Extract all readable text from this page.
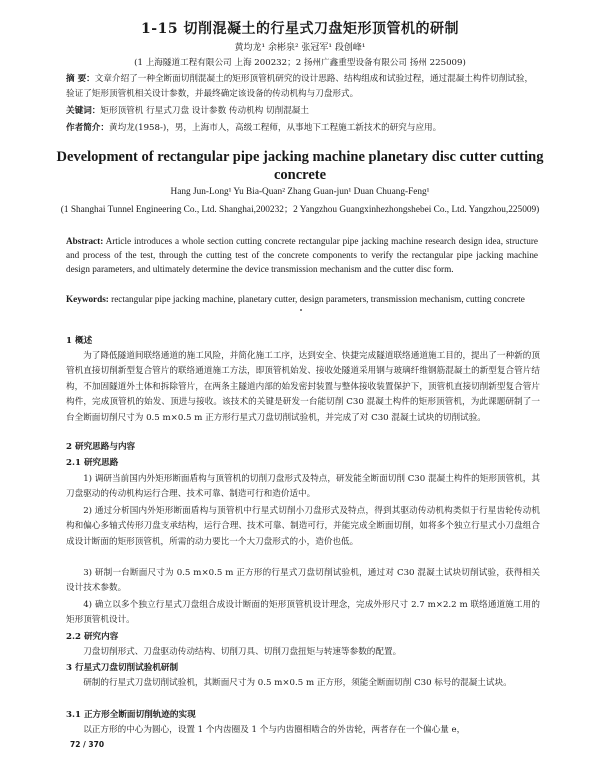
1-15 切削混凝土的行星式刀盘矩形顶管机的研制
黄均龙¹ 余彬泉² 张冠军¹ 段创峰¹
(1 上海隧道工程有限公司 上海 200232；2 扬州广鑫重型设备有限公司 扬州 225009)
摘 要：文章介绍了一种全断面切削混凝土的矩形顶管机研究的设计思路、结构组成和试验过程，通过混凝土构件切削试验，验证了矩形顶管机相关设计参数，并最终确定该设备的传动机构与刀盘形式。
关键词：矩形顶管机 行星式刀盘 设计参数 传动机构 切削混凝土
作者简介：黄均龙(1958-)，男，上海市人，高级工程师，从事地下工程施工新技术的研究与应用。
Development of rectangular pipe jacking machine planetary disc cutter cutting concrete
Hang Jun-Long¹ Yu Bia-Quan² Zhang Guan-jun¹ Duan Chuang-Feng¹
(1 Shanghai Tunnel Engineering Co., Ltd. Shanghai,200232；2 Yangzhou Guangxinhezhongshebei Co., Ltd. Yangzhou,225009)
Abstract: Article introduces a whole section cutting concrete rectangular pipe jacking machine research design idea, structure and process of the test, through the cutting test of the concrete components to verify the rectangular pipe jacking machine design parameters, and ultimately determine the device transmission mechanism and the cutter disc form.
Keywords: rectangular pipe jacking machine, planetary cutter, design parameters, transmission mechanism, cutting concrete
1 概述
为了降低隧道间联络通道的施工风险，并简化施工工序，达到安全、快捷完成隧道联络通道施工目的，提出了一种新的顶管机直接切削新型复合管片的联络通道施工方法，即顶管机始发、接收处隧道采用钢与玻璃纤维钢筋混凝土的新型复合管片结构，不加固隧道外土体和拆除管片，在两条主隧道内部的始发密封装置与整体接收装置保护下，顶管机直接切削新型复合管片构件，完成顶管机的始发、顶进与接收。该技术的关键是研发一台能切削 C30 混凝土构件的矩形顶管机，为此课题研制了一台全断面切削尺寸为 0.5 m×0.5 m 正方形行星式刀盘切削试验机，并完成了对 C30 混凝土试块的切削试验。
2 研究思路与内容
2.1 研究思路
1) 调研当前国内外矩形断面盾构与顶管机的切削刀盘形式及特点，研发能全断面切削 C30 混凝土构件的矩形顶管机，其刀盘驱动的传动机构运行合理、技术可靠、制造可行和造价适中。
2) 通过分析国内外矩形断面盾构与顶管机中行星式切削小刀盘形式及特点，得到其驱动传动机构类似于行星齿轮传动机构和偏心多轴式传形刀盘支承结构，运行合理、技术可靠、制造可行，并能完成全断面切削，如将多个独立行星式小刀盘组合成设计断面的矩形顶管机，所需的动力要比一个大刀盘形式的小，造价也低。
3) 研制一台断面尺寸为 0.5 m×0.5 m 正方形的行星式刀盘切削试验机，通过对 C30 混凝土试块切削试验，获得相关设计技术参数。
4) 确立以多个独立行星式刀盘组合成设计断面的矩形顶管机设计理念，完成外形尺寸 2.7 m×2.2 m 联络通道施工用的矩形顶管机设计。
2.2 研究内容
刀盘切削形式、刀盘驱动传动结构、切削刀具、切削刀盘扭矩与转速等参数的配置。
3 行星式刀盘切削试验机研制
研制的行星式刀盘切削试验机，其断面尺寸为 0.5 m×0.5 m 正方形，须能全断面切削 C30 标号的混凝土试块。
3.1 正方形全断面切削轨迹的实现
以正方形的中心为圆心，设置 1 个内齿圈及 1 个与内齿圈相啮合的外齿轮，两者存在一个偏心量 e，
72 / 370
